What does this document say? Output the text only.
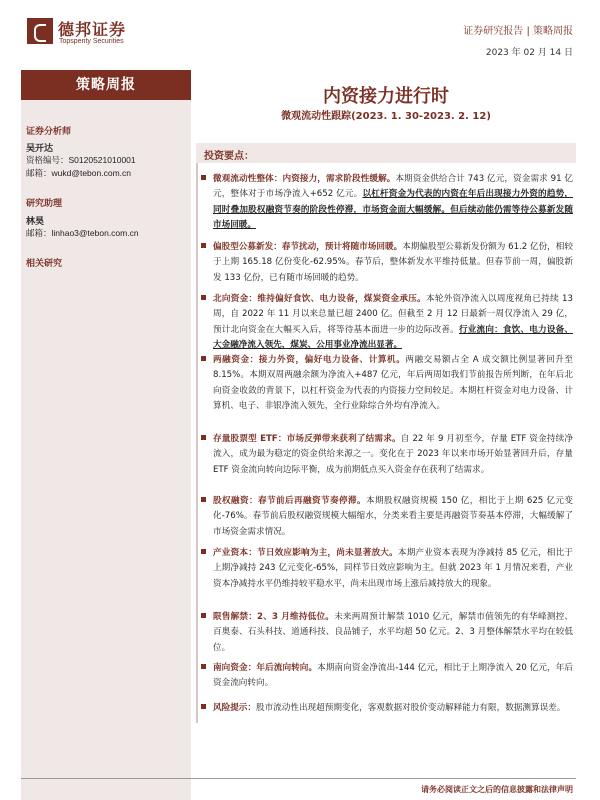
德邦证券
Topsperity Securities
证券研究报告 | 策略周报
2023 年 02 月 14 日
策略周报
证券分析师
吴开达
资格编号：S0120521010001
邮箱：wukd@tebon.com.cn
研究助理
林昊
邮箱：linhao3@tebon.com.cn
相关研究
内资接力进行时
微观流动性跟踪(2023. 1. 30-2023. 2. 12)
投资要点：
微观流动性整体：内资接力，需求阶段性缓解。本期资金供给合计 743 亿元，资金需求 91 亿元，整体对于市场净流入+652 亿元。以杠杆资金为代表的内资在年后出现接力外资的趋势，同时叠加股权融资节奏的阶段性停滞，市场资金面大幅缓解。但后续动能仍需等待公募新发随市场回暖。
偏股型公募新发：春节扰动，预计将随市场回暖。本期偏股型公募新发份额为 61.2 亿份，相较于上期 165.18 亿份变化-62.95%。春节后，整体新发水平维持低量。但春节前一周，偏股新发 133 亿份，已有随市场回暖的趋势。
北向资金：维持偏好食饮、电力设备，煤炭资金承压。本轮外资净流入以周度视角已持续 13 周，自 2022 年 11 月以来总量已超 2400 亿。但截至 2 月 12 日最新一周仅净流入 29 亿，预计北向资金在大幅买入后，将等待基本面进一步的边际改善。行业流向：食饮、电力设备、大金融净流入领先，煤炭、公用事业净流出显著。
两融资金：接力外资，偏好电力设备、计算机。两融交易额占全 A 成交额比例显著回升至 8.15%。本期双周两融余额为净流入+487 亿元，年后两周如我们节前报告所判断，在年后北向资金收敛的背景下，以杠杆资金为代表的内资接力空间较足。本期杠杆资金对电力设备、计算机、电子、非银净流入领先，全行业除综合外均有净流入。
存量股票型 ETF：市场反弹带来获利了结需求。自 22 年 9 月初至今，存量 ETF 资金持续净流入，成为最为稳定的资金供给来源之一。变化在于 2023 年以来市场开始显著回升后，存量 ETF 资金流向转向边际平衡，成为前期低点买入资金存在获利了结需求。
股权融资：春节前后再融资节奏停滞。本期股权融资规模 150 亿，相比于上期 625 亿元变化-76%。春节前后股权融资规模大幅缩水，分类来看主要是再融资节奏基本停滞，大幅缓解了市场资金需求情况。
产业资本：节日效应影响为主，尚未显著放大。本期产业资本表现为净减持 85 亿元，相比于上期净减持 243 亿元变化-65%，同样节日效应影响为主。但就 2023 年 1 月情况来看，产业资本净减持水平仍维持较平稳水平，尚未出现市场上涨后减持放大的现象。
限售解禁：2、3 月维持低位。未来两周预计解禁 1010 亿元，解禁市值领先的有华峰测控、百奥泰、石头科技、道通科技、良品铺子，水平均超 50 亿元。2、3 月整体解禁水平均在较低位。
南向资金：年后流向转向。本期南向资金净流出-144 亿元，相比于上期净流入 20 亿元，年后资金流向转向。
风险提示：股市流动性出现超预期变化，客观数据对股价变动解释能力有限，数据测算误差。
请务必阅读正文之后的信息披露和法律声明
